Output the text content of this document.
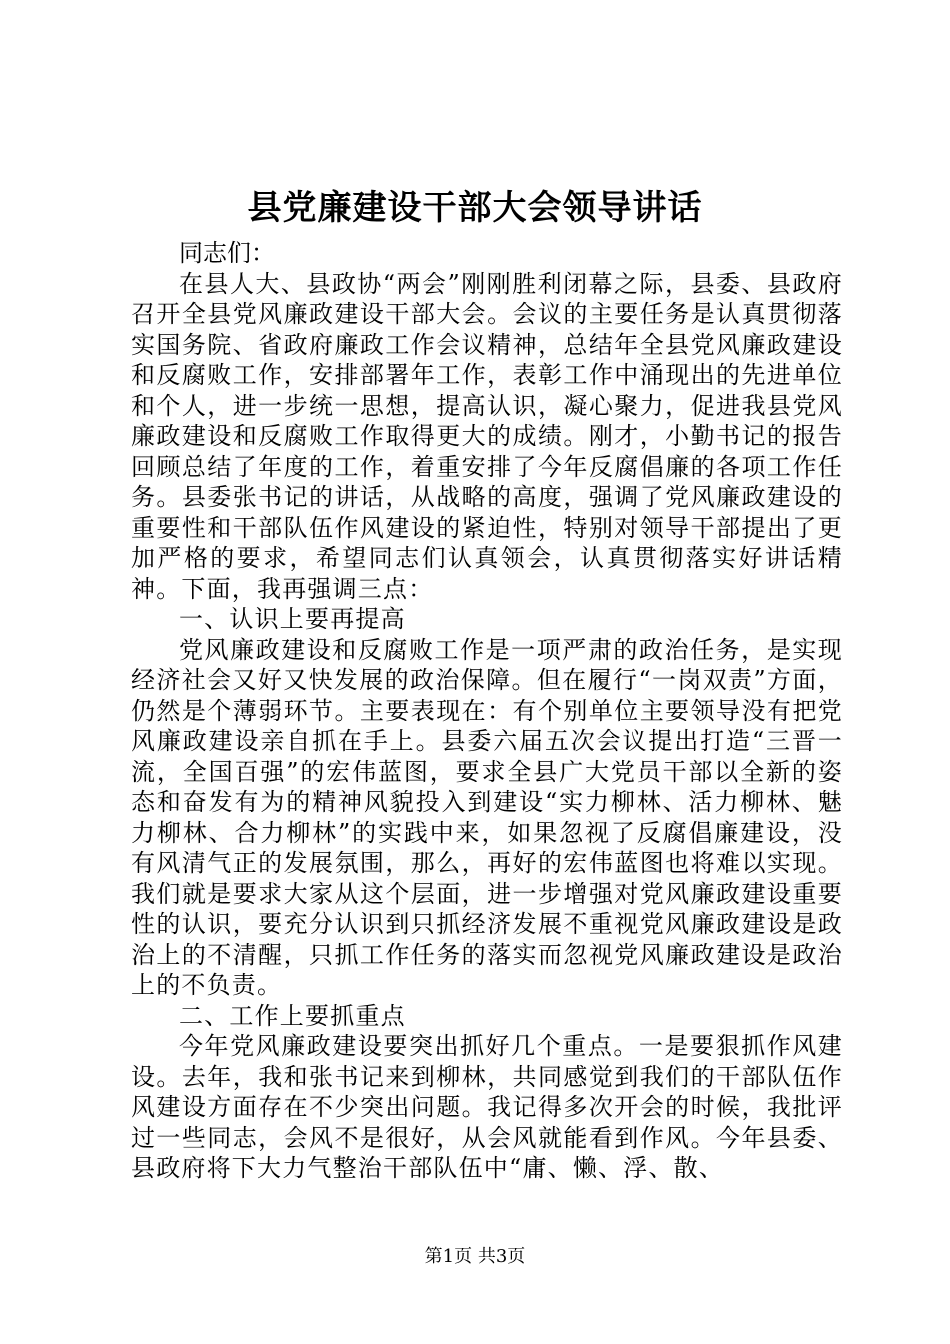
县党廉建设干部大会领导讲话

同志们：

在县人大、县政协“两会”刚刚胜利闭幕之际，县委、县政府召开全县党风廉政建设干部大会。会议的主要任务是认真贯彻落实国务院、省政府廉政工作会议精神，总结年全县党风廉政建设和反腐败工作，安排部署年工作，表彰工作中涌现出的先进单位和个人，进一步统一思想，提高认识，凝心聚力，促进我县党风廉政建设和反腐败工作取得更大的成绩。刚才，小勤书记的报告回顾总结了年度的工作，着重安排了今年反腐倡廉的各项工作任务。县委张书记的讲话，从战略的高度，强调了党风廉政建设的重要性和干部队伍作风建设的紧迫性，特别对领导干部提出了更加严格的要求，希望同志们认真领会，认真贯彻落实好讲话精神。下面，我再强调三点：

一、认识上要再提高

党风廉政建设和反腐败工作是一项严肃的政治任务，是实现经济社会又好又快发展的政治保障。但在履行“一岗双责”方面，仍然是个薄弱环节。主要表现在：有个别单位主要领导没有把党风廉政建设亲自抓在手上。县委六届五次会议提出打造“三晋一流，全国百强”的宏伟蓝图，要求全县广大党员干部以全新的姿态和奋发有为的精神风貌投入到建设“实力柳林、活力柳林、魅力柳林、合力柳林”的实践中来，如果忽视了反腐倡廉建设，没有风清气正的发展氛围，那么，再好的宏伟蓝图也将难以实现。我们就是要求大家从这个层面，进一步增强对党风廉政建设重要性的认识，要充分认识到只抓经济发展不重视党风廉政建设是政治上的不清醒，只抓工作任务的落实而忽视党风廉政建设是政治上的不负责。

二、工作上要抓重点

今年党风廉政建设要突出抓好几个重点。一是要狠抓作风建设。去年，我和张书记来到柳林，共同感觉到我们的干部队伍作风建设方面存在不少突出问题。我记得多次开会的时候，我批评过一些同志，会风不是很好，从会风就能看到作风。今年县委、县政府将下大力气整治干部队伍中“庸、懒、浮、散、

第1页 共3页
